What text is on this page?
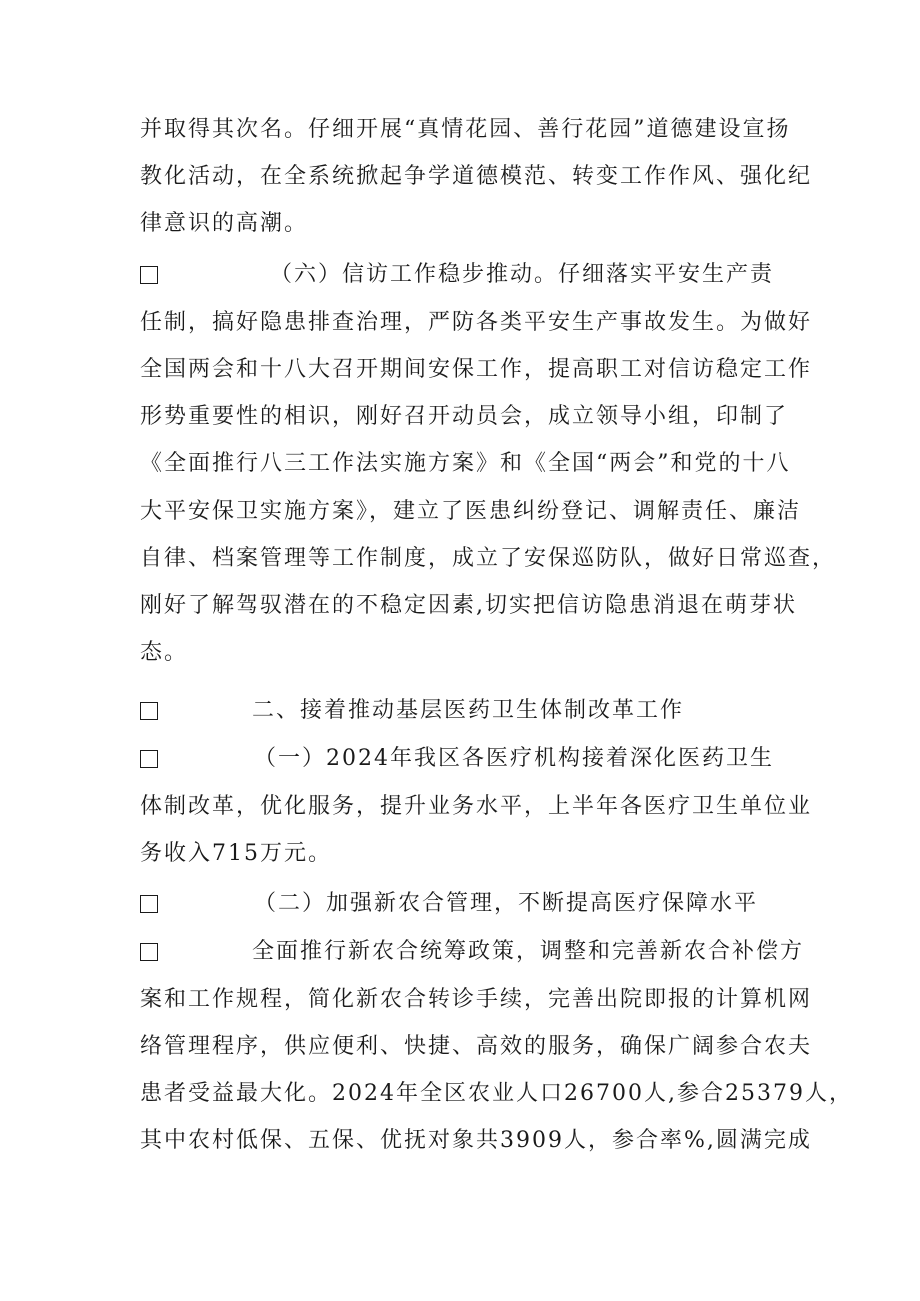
并取得其次名。仔细开展“真情花园、善行花园”道德建设宣扬
教化活动，在全系统掀起争学道德模范、转变工作作风、强化纪
律意识的高潮。
（六）信访工作稳步推动。仔细落实平安生产责
任制，搞好隐患排查治理，严防各类平安生产事故发生。为做好
全国两会和十八大召开期间安保工作，提高职工对信访稳定工作
形势重要性的相识，刚好召开动员会，成立领导小组，印制了
《全面推行八三工作法实施方案》和《全国“两会”和党的十八
大平安保卫实施方案》，建立了医患纠纷登记、调解责任、廉洁
自律、档案管理等工作制度，成立了安保巡防队，做好日常巡查，
刚好了解驾驭潜在的不稳定因素,切实把信访隐患消退在萌芽状
态。
二、接着推动基层医药卫生体制改革工作
（一）2024年我区各医疗机构接着深化医药卫生
体制改革，优化服务，提升业务水平，上半年各医疗卫生单位业
务收入715万元。
（二）加强新农合管理，不断提高医疗保障水平
全面推行新农合统筹政策，调整和完善新农合补偿方
案和工作规程，简化新农合转诊手续，完善出院即报的计算机网
络管理程序，供应便利、快捷、高效的服务，确保广阔参合农夫
患者受益最大化。2024年全区农业人口26700人,参合25379人，
其中农村低保、五保、优抚对象共3909人，参合率%,圆满完成
